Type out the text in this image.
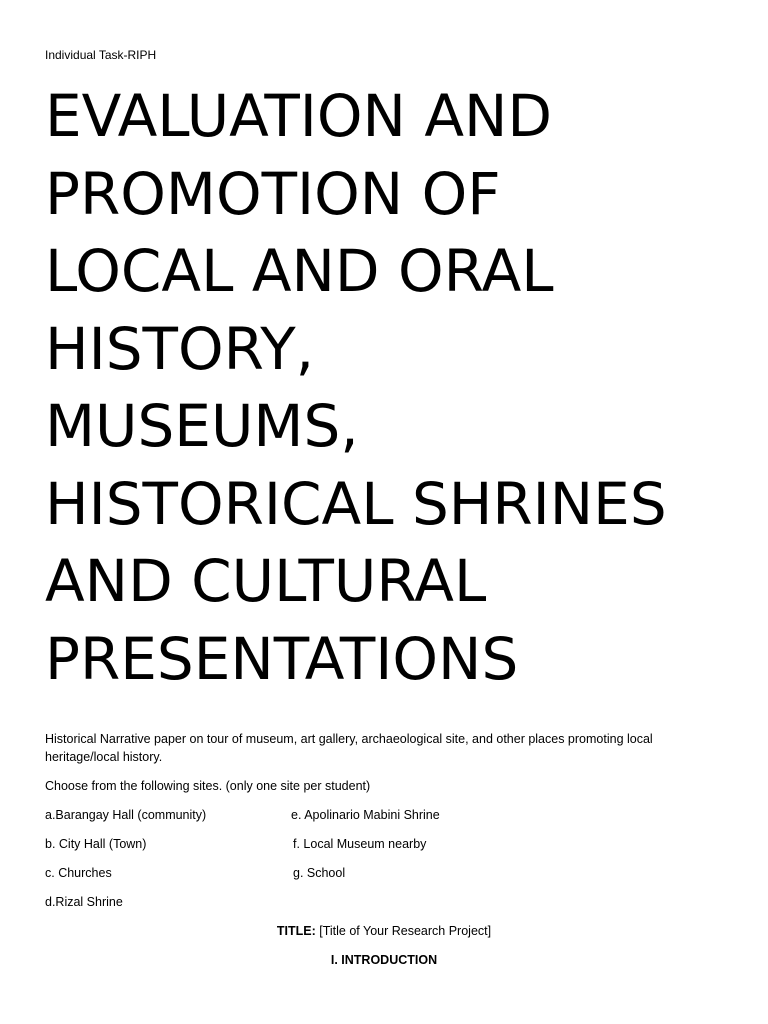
Individual Task-RIPH
EVALUATION AND
PROMOTION OF
LOCAL AND ORAL
HISTORY,
MUSEUMS,
HISTORICAL SHRINES
AND CULTURAL
PRESENTATIONS
Historical Narrative paper on tour of museum, art gallery, archaeological site, and other places promoting local heritage/local history.
Choose from the following sites. (only one site per student)
a.Barangay Hall (community)	e. Apolinario Mabini Shrine
b. City Hall (Town)	f. Local Museum nearby
c. Churches	g. School
d.Rizal Shrine
TITLE: [Title of Your Research Project]
I. INTRODUCTION
